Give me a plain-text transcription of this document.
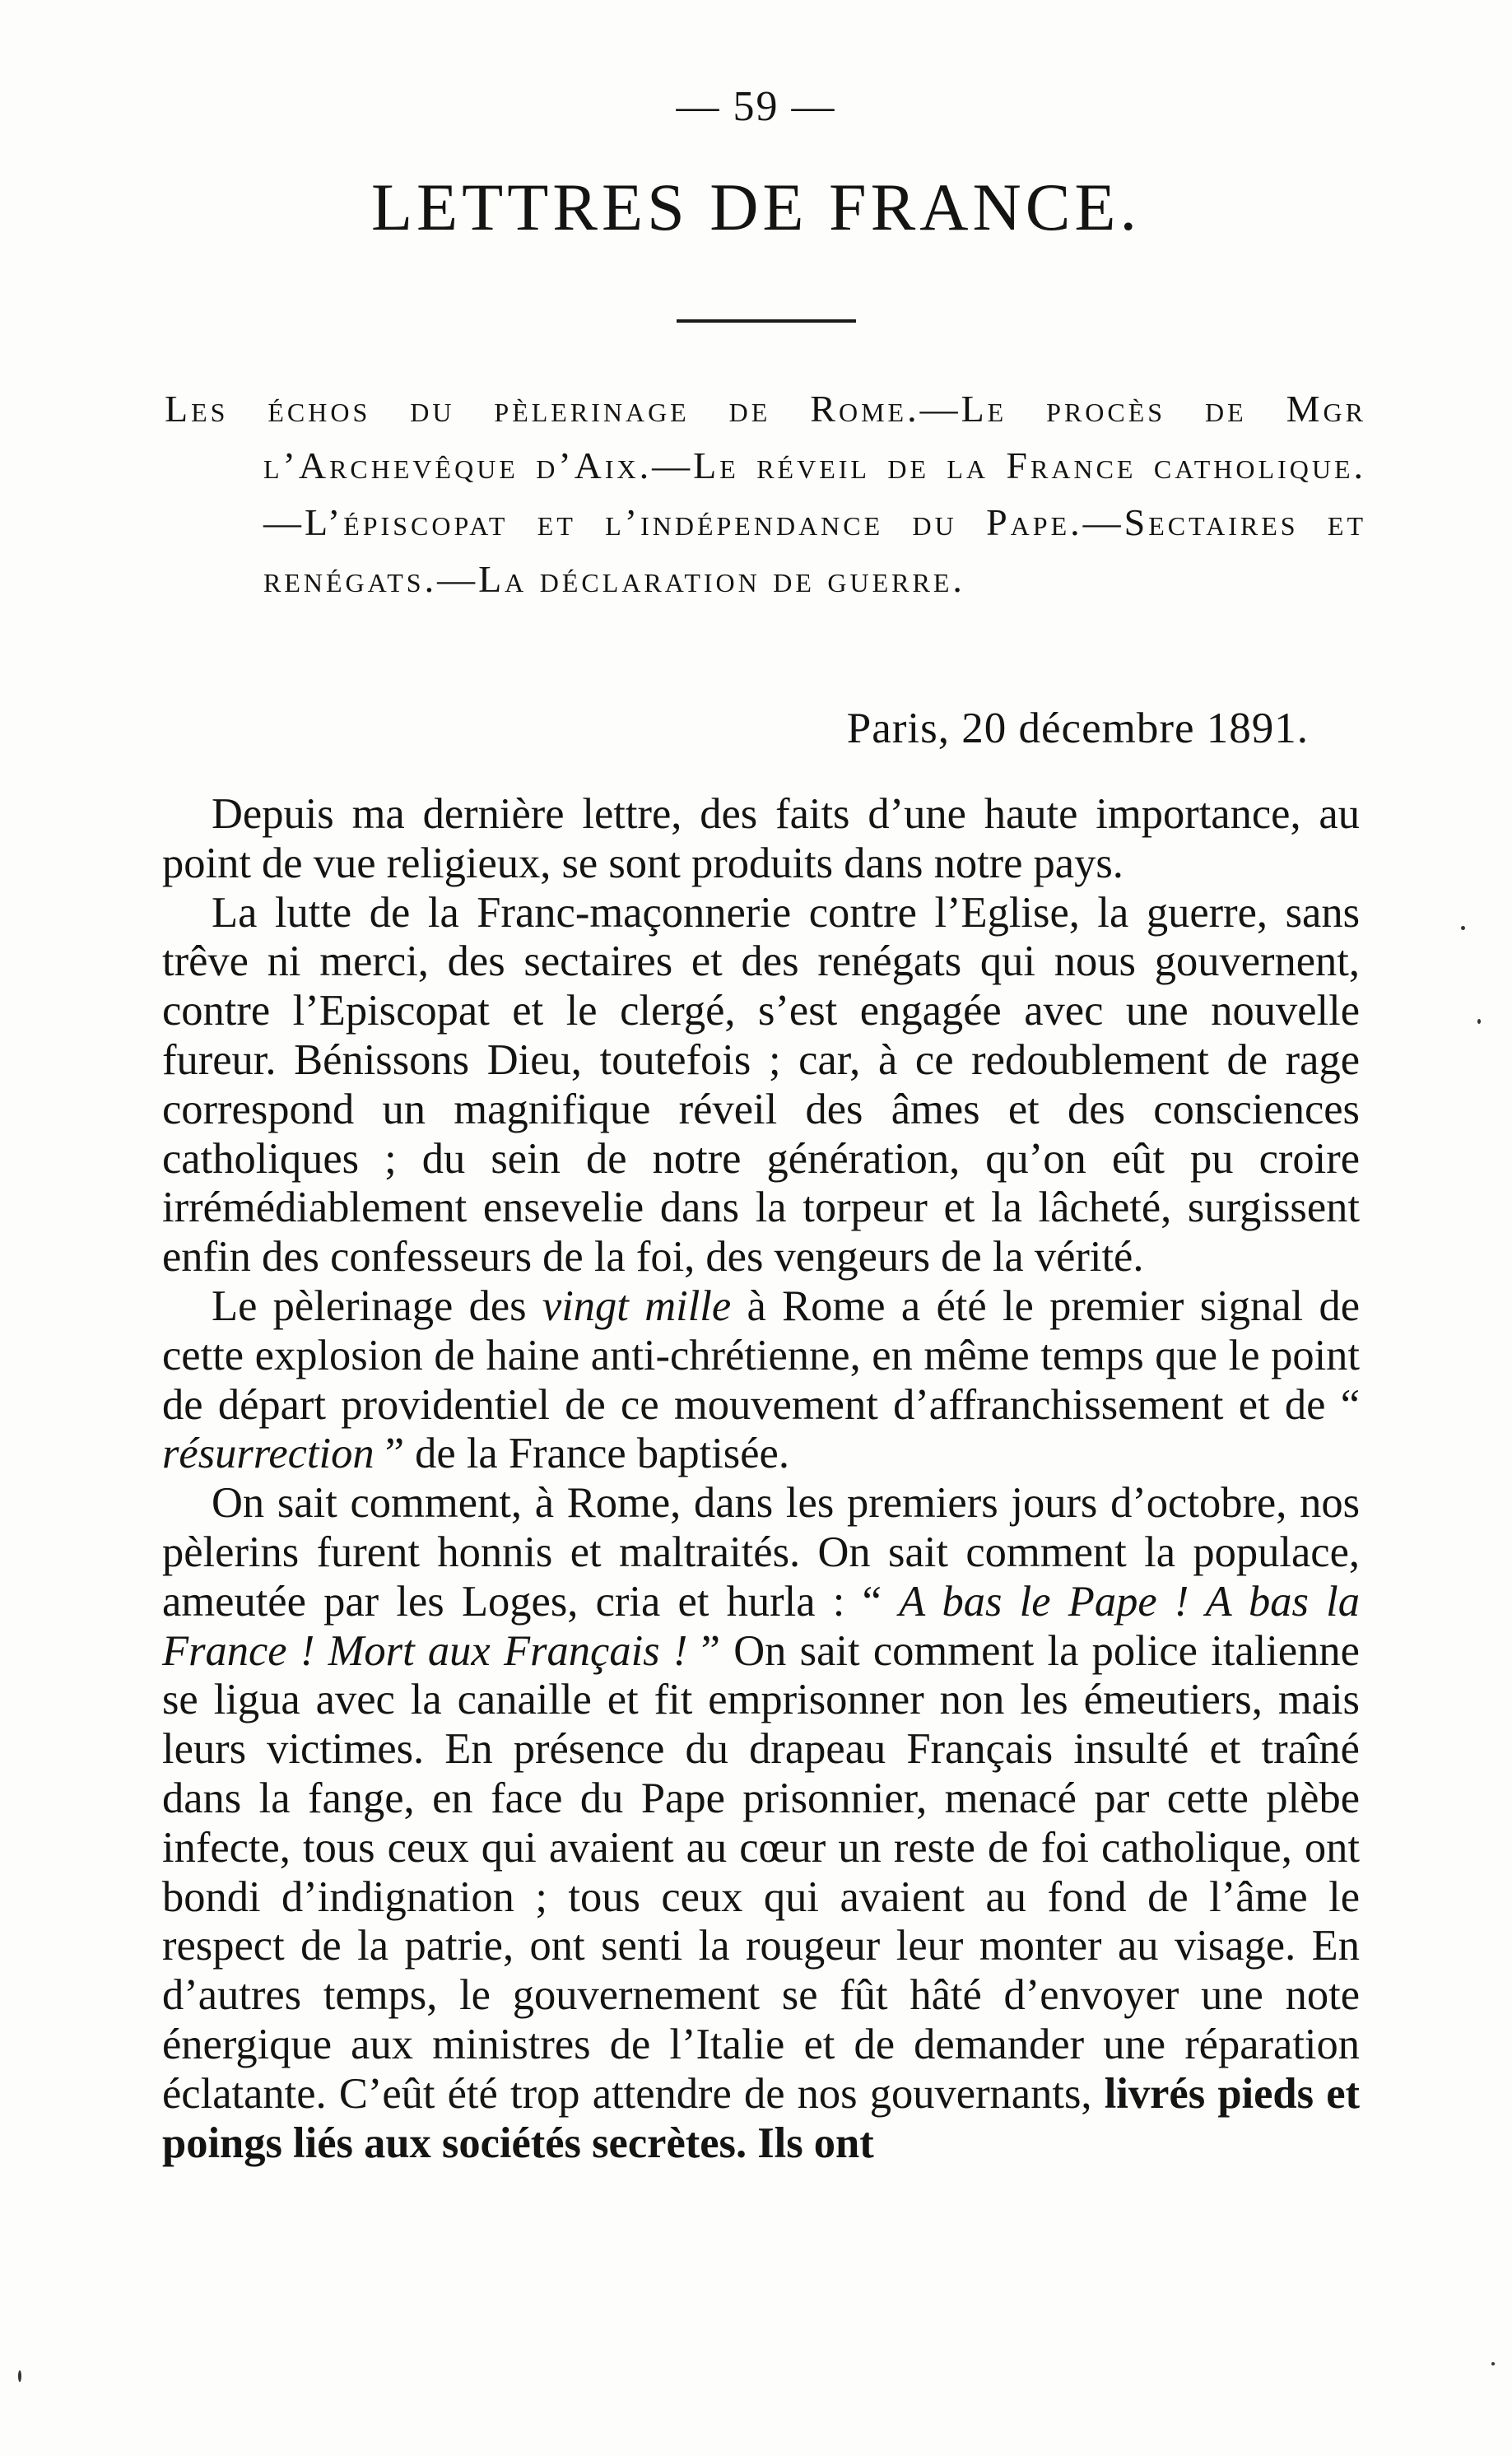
— 59 —
LETTRES DE FRANCE.
Les échos du pèlerinage de Rome.—Le procès de Mgr l’Archevêque d’Aix.—Le réveil de la France catholique.—L’épiscopat et l’indépendance du Pape.—Sectaires et renégats.—La déclaration de guerre.
Paris, 20 décembre 1891.

Depuis ma dernière lettre, des faits d’une haute importance, au point de vue religieux, se sont produits dans notre pays.

La lutte de la Franc-maçonnerie contre l’Eglise, la guerre, sans trêve ni merci, des sectaires et des renégats qui nous gouvernent, contre l’Episcopat et le clergé, s’est engagée avec une nouvelle fureur. Bénissons Dieu, toutefois ; car, à ce redoublement de rage correspond un magnifique réveil des âmes et des consciences catholiques ; du sein de notre génération, qu’on eût pu croire irrémédiablement ensevelie dans la torpeur et la lâcheté, surgissent enfin des confesseurs de la foi, des vengeurs de la vérité.

Le pèlerinage des vingt mille à Rome a été le premier signal de cette explosion de haine anti-chrétienne, en même temps que le point de départ providentiel de ce mouvement d’affranchissement et de “ résurrection ” de la France baptisée.

On sait comment, à Rome, dans les premiers jours d’octobre, nos pèlerins furent honnis et maltraités. On sait comment la populace, ameutée par les Loges, cria et hurla : “ A bas le Pape ! A bas la France ! Mort aux Français ! ” On sait comment la police italienne se ligua avec la canaille et fit emprisonner non les émeutiers, mais leurs victimes. En présence du drapeau Français insulté et traîné dans la fange, en face du Pape prisonnier, menacé par cette plèbe infecte, tous ceux qui avaient au cœur un reste de foi catholique, ont bondi d’indignation ; tous ceux qui avaient au fond de l’âme le respect de la patrie, ont senti la rougeur leur monter au visage. En d’autres temps, le gouvernement se fût hâté d’envoyer une note énergique aux ministres de l’Italie et de demander une réparation éclatante. C’eût été trop attendre de nos gouvernants, livrés pieds et poings liés aux sociétés secrètes. Ils ont
